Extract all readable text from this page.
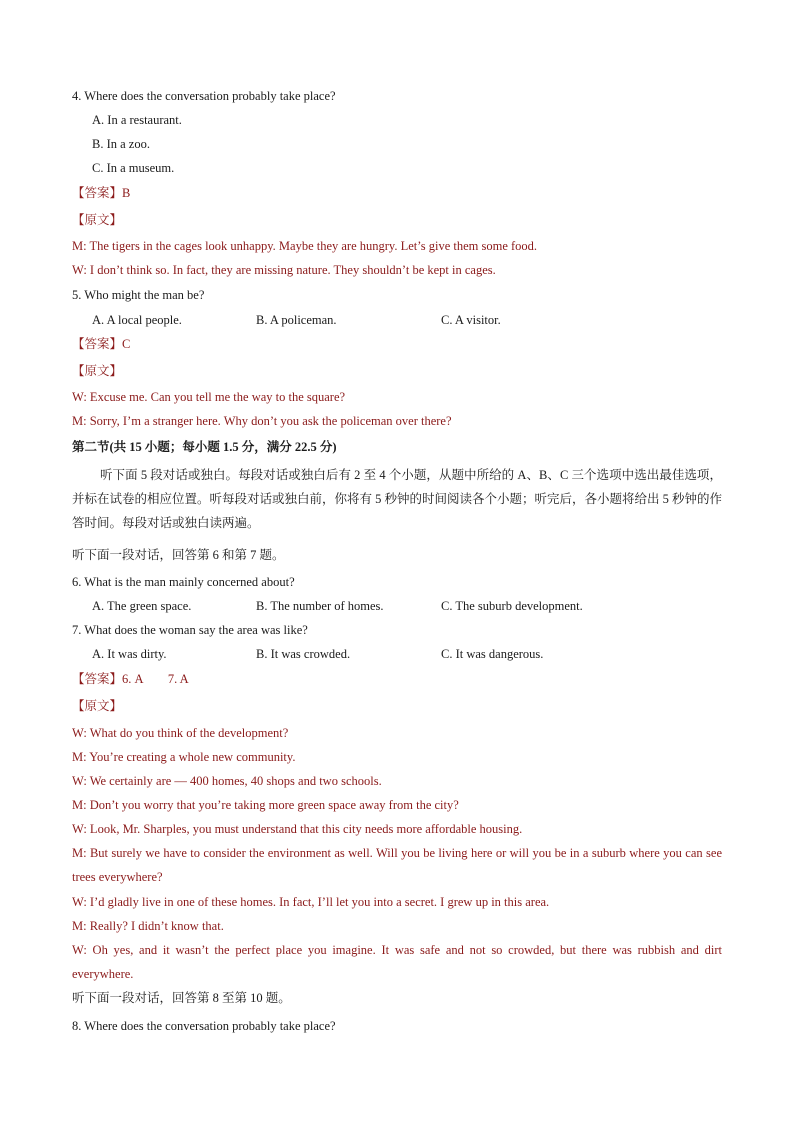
4. Where does the conversation probably take place?
A. In a restaurant.
B. In a zoo.
C. In a museum.
【答案】B
【原文】
M: The tigers in the cages look unhappy. Maybe they are hungry. Let’s give them some food.
W: I don’t think so. In fact, they are missing nature. They shouldn’t be kept in cages.
5. Who might the man be?
A. A local people.	B. A policeman.	C. A visitor.
【答案】C
【原文】
W: Excuse me. Can you tell me the way to the square?
M: Sorry, I’m a stranger here. Why don’t you ask the policeman over there?
第二节(共 15 小题；每小题 1.5 分，满分 22.5 分)
听下面 5 段对话或独白。每段对话或独白后有 2 至 4 个小题，从题中所给的 A、B、C 三个选项中选出最佳选项，并标在试卷的相应位置。听每段对话或独白前，你将有 5 秒钟的时间阅读各个小题；听完后，各小题将给出 5 秒钟的作答时间。每段对话或独白读两遍。
听下面一段对话，回答第 6 和第 7 题。
6. What is the man mainly concerned about?
A. The green space.	B. The number of homes.	C. The suburb development.
7. What does the woman say the area was like?
A. It was dirty.	B. It was crowded.	C. It was dangerous.
【答案】6. A        7. A
【原文】
W: What do you think of the development?
M: You’re creating a whole new community.
W: We certainly are — 400 homes, 40 shops and two schools.
M: Don’t you worry that you’re taking more green space away from the city?
W: Look, Mr. Sharples, you must understand that this city needs more affordable housing.
M: But surely we have to consider the environment as well. Will you be living here or will you be in a suburb where you can see trees everywhere?
W: I’d gladly live in one of these homes. In fact, I’ll let you into a secret. I grew up in this area.
M: Really? I didn’t know that.
W: Oh yes, and it wasn’t the perfect place you imagine. It was safe and not so crowded, but there was rubbish and dirt everywhere.
听下面一段对话，回答第 8 至第 10 题。
8. Where does the conversation probably take place?
